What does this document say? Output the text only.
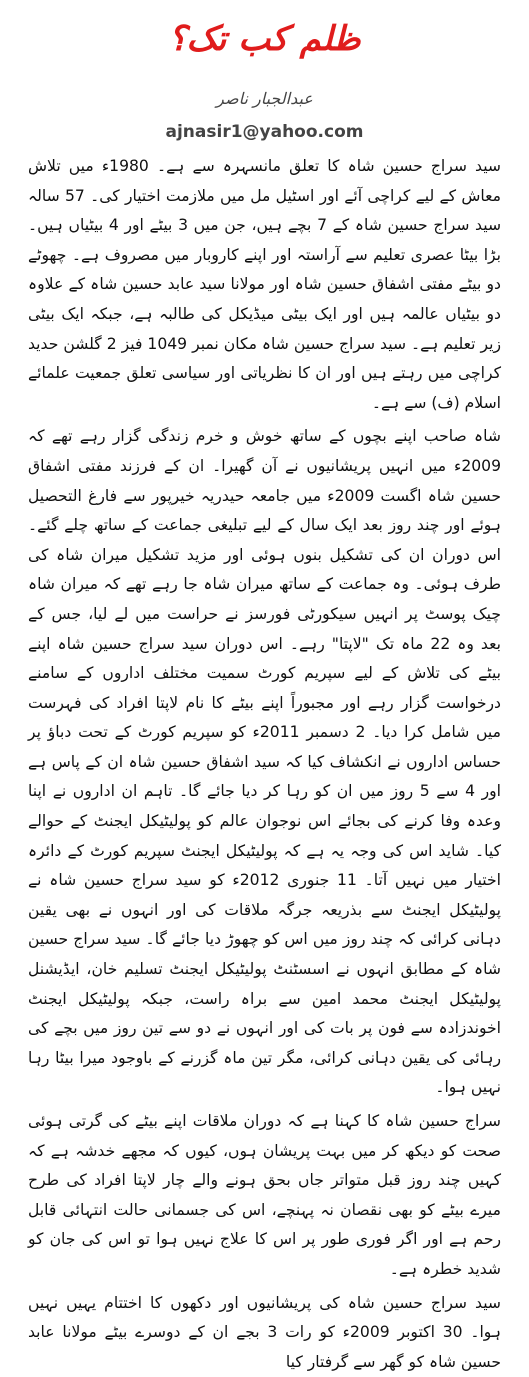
ظلم کب تک؟
عبدالجبار ناصر
ajnasir1@yahoo.com

سید سراج حسین شاہ کا تعلق مانسہرہ سے ہے۔ 1980ء میں تلاش معاش کے لیے کراچی آئے اور اسٹیل مل میں ملازمت اختیار کی۔ 57 سالہ سید سراج حسین شاہ کے 7 بچے ہیں، جن میں 3 بیٹے اور 4 بیٹیاں ہیں۔ بڑا بیٹا عصری تعلیم سے آراستہ اور اپنے کاروبار میں مصروف ہے۔ چھوٹے دو بیٹے مفتی اشفاق حسین شاہ اور مولانا سید عابد حسین شاہ کے علاوہ دو بیٹیاں عالمہ ہیں اور ایک بیٹی میڈیکل کی طالبہ ہے، جبکہ ایک بیٹی زیر تعلیم ہے۔ سید سراج حسین شاہ مکان نمبر 1049 فیز 2 گلشن حدید کراچی میں رہتے ہیں اور ان کا نظریاتی اور سیاسی تعلق جمعیت علمائے اسلام (ف) سے ہے۔

شاہ صاحب اپنے بچوں کے ساتھ خوش و خرم زندگی گزار رہے تھے کہ 2009ء میں انہیں پریشانیوں نے آن گھیرا۔ ان کے فرزند مفتی اشفاق حسین شاہ اگست 2009ء میں جامعہ حیدریہ خیرپور سے فارغ التحصیل ہوئے اور چند روز بعد ایک سال کے لیے تبلیغی جماعت کے ساتھ چلے گئے۔ اس دوران ان کی تشکیل بنوں ہوئی اور مزید تشکیل میران شاہ کی طرف ہوئی۔ وہ جماعت کے ساتھ میران شاہ جا رہے تھے کہ میران شاہ چیک پوسٹ پر انہیں سیکورٹی فورسز نے حراست میں لے لیا، جس کے بعد وہ 22 ماہ تک "لاپتا" رہے۔ اس دوران سید سراج حسین شاہ اپنے بیٹے کی تلاش کے لیے سپریم کورٹ سمیت مختلف اداروں کے سامنے درخواست گزار رہے اور مجبوراً اپنے بیٹے کا نام لاپتا افراد کی فہرست میں شامل کرا دیا۔ 2 دسمبر 2011ء کو سپریم کورٹ کے تحت دباؤ پر حساس اداروں نے انکشاف کیا کہ سید اشفاق حسین شاہ ان کے پاس ہے اور 4 سے 5 روز میں ان کو رہا کر دیا جائے گا۔ تاہم ان اداروں نے اپنا وعدہ وفا کرنے کی بجائے اس نوجوان عالم کو پولیٹیکل ایجنٹ کے حوالے کیا۔ شاید اس کی وجہ یہ ہے کہ پولیٹیکل ایجنٹ سپریم کورٹ کے دائرہ اختیار میں نہیں آتا۔ 11 جنوری 2012ء کو سید سراج حسین شاہ نے پولیٹیکل ایجنٹ سے بذریعہ جرگہ ملاقات کی اور انہوں نے بھی یقین دہانی کرائی کہ چند روز میں اس کو چھوڑ دیا جائے گا۔ سید سراج حسین شاہ کے مطابق انہوں نے اسسٹنٹ پولیٹیکل ایجنٹ تسلیم خان، ایڈیشنل پولیٹیکل ایجنٹ محمد امین سے براہ راست، جبکہ پولیٹیکل ایجنٹ اخوندزادہ سے فون پر بات کی اور انہوں نے دو سے تین روز میں بچے کی رہائی کی یقین دہانی کرائی، مگر تین ماہ گزرنے کے باوجود میرا بیٹا رہا نہیں ہوا۔

سراج حسین شاہ کا کہنا ہے کہ دوران ملاقات اپنے بیٹے کی گرتی ہوئی صحت کو دیکھ کر میں بہت پریشان ہوں، کیوں کہ مجھے خدشہ ہے کہ کہیں چند روز قبل متواتر جاں بحق ہونے والے چار لاپتا افراد کی طرح میرے بیٹے کو بھی نقصان نہ پہنچے، اس کی جسمانی حالت انتہائی قابل رحم ہے اور اگر فوری طور پر اس کا علاج نہیں ہوا تو اس کی جان کو شدید خطرہ ہے۔

سید سراج حسین شاہ کی پریشانیوں اور دکھوں کا اختتام یہیں نہیں ہوا۔ 30 اکتوبر 2009ء کو رات 3 بجے ان کے دوسرے بیٹے مولانا عابد حسین شاہ کو گھر سے گرفتار کیا
